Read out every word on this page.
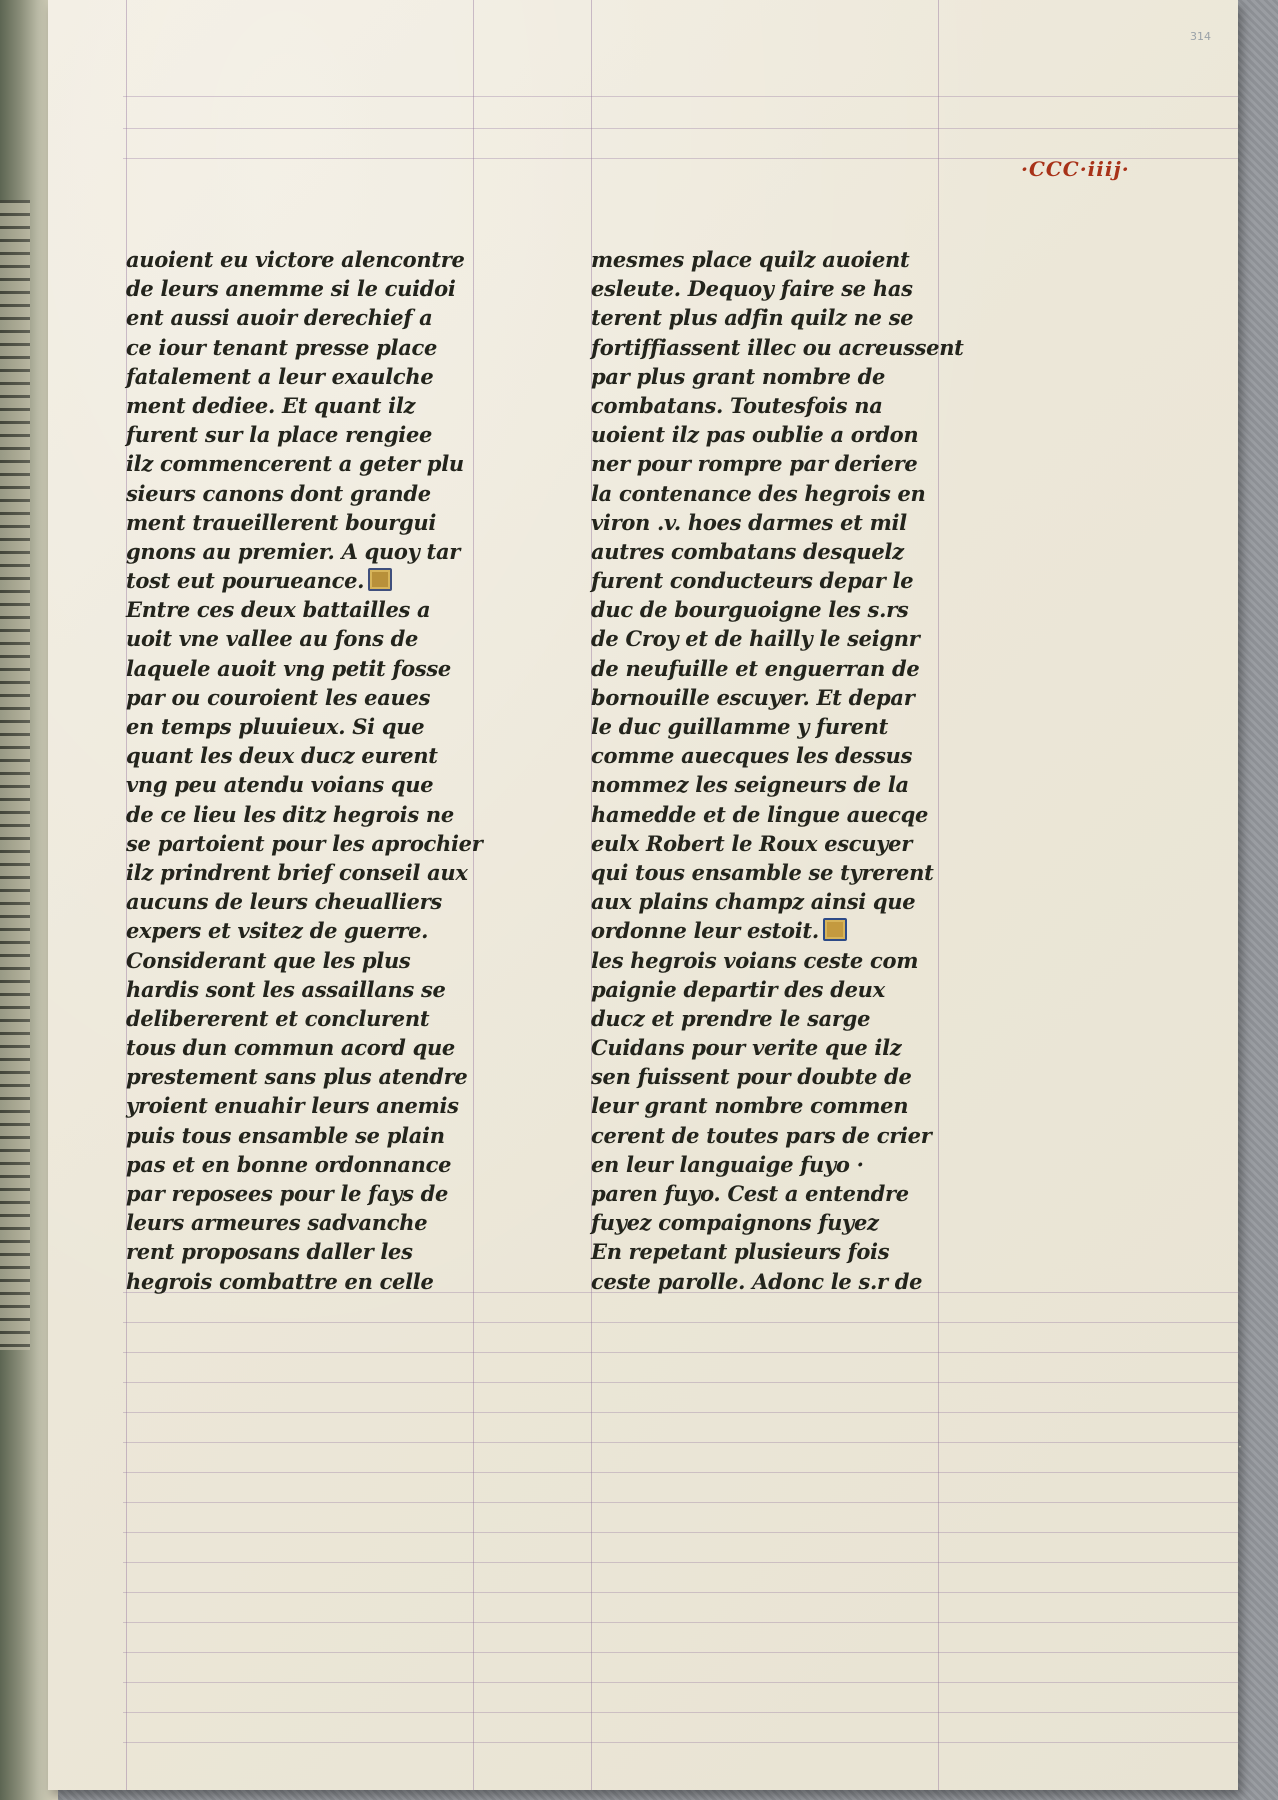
314
·CCC·iiij·
auoient eu victore alencontre
de leurs anemme si le cuidoi
ent aussi auoir derechief a
ce iour tenant presse place
fatalement a leur exaulche
ment dediee. Et quant ilz
furent sur la place rengiee
ilz commencerent a geter plu
sieurs canons dont grande
ment traueillerent bourgui
gnons au premier. A quoy tar
tost eut pourueance.
Entre ces deux battailles a
uoit vne vallee au fons de
laquele auoit vng petit fosse
par ou couroient les eaues
en temps pluuieux. Si que
quant les deux ducz eurent
vng peu atendu voians que
de ce lieu les ditz hegrois ne
se partoient pour les aprochier
ilz prindrent brief conseil aux
aucuns de leurs cheualliers
expers et vsitez de guerre.
Considerant que les plus
hardis sont les assaillans se
delibererent et conclurent
tous dun commun acord que
prestement sans plus atendre
yroient enuahir leurs anemis
puis tous ensamble se plain
pas et en bonne ordonnance
par reposees pour le fays de
leurs armeures sadvanche
rent proposans daller les
hegrois combattre en celle
mesmes place quilz auoient
esleute. Dequoy faire se has
terent plus adfin quilz ne se
fortiffiassent illec ou acreussent
par plus grant nombre de
combatans. Toutesfois na
uoient ilz pas oublie a ordon
ner pour rompre par deriere
la contenance des hegrois en
viron .v. hoes darmes et mil
autres combatans desquelz
furent conducteurs depar le
duc de bourguoigne les s.rs
de Croy et de hailly le seignr
de neufuille et enguerran de
bornouille escuyer. Et depar
le duc guillamme y furent
comme auecques les dessus
nommez les seigneurs de la
hamedde et de lingue auecqe
eulx Robert le Roux escuyer
qui tous ensamble se tyrerent
aux plains champz ainsi que
ordonne leur estoit.
les hegrois voians ceste com
paignie departir des deux
ducz et prendre le sarge
Cuidans pour verite que ilz
sen fuissent pour doubte de
leur grant nombre commen
cerent de toutes pars de crier
en leur languaige fuyo ·
paren fuyo. Cest a entendre
fuyez compaignons fuyez
En repetant plusieurs fois
ceste parolle. Adonc le s.r de
·
